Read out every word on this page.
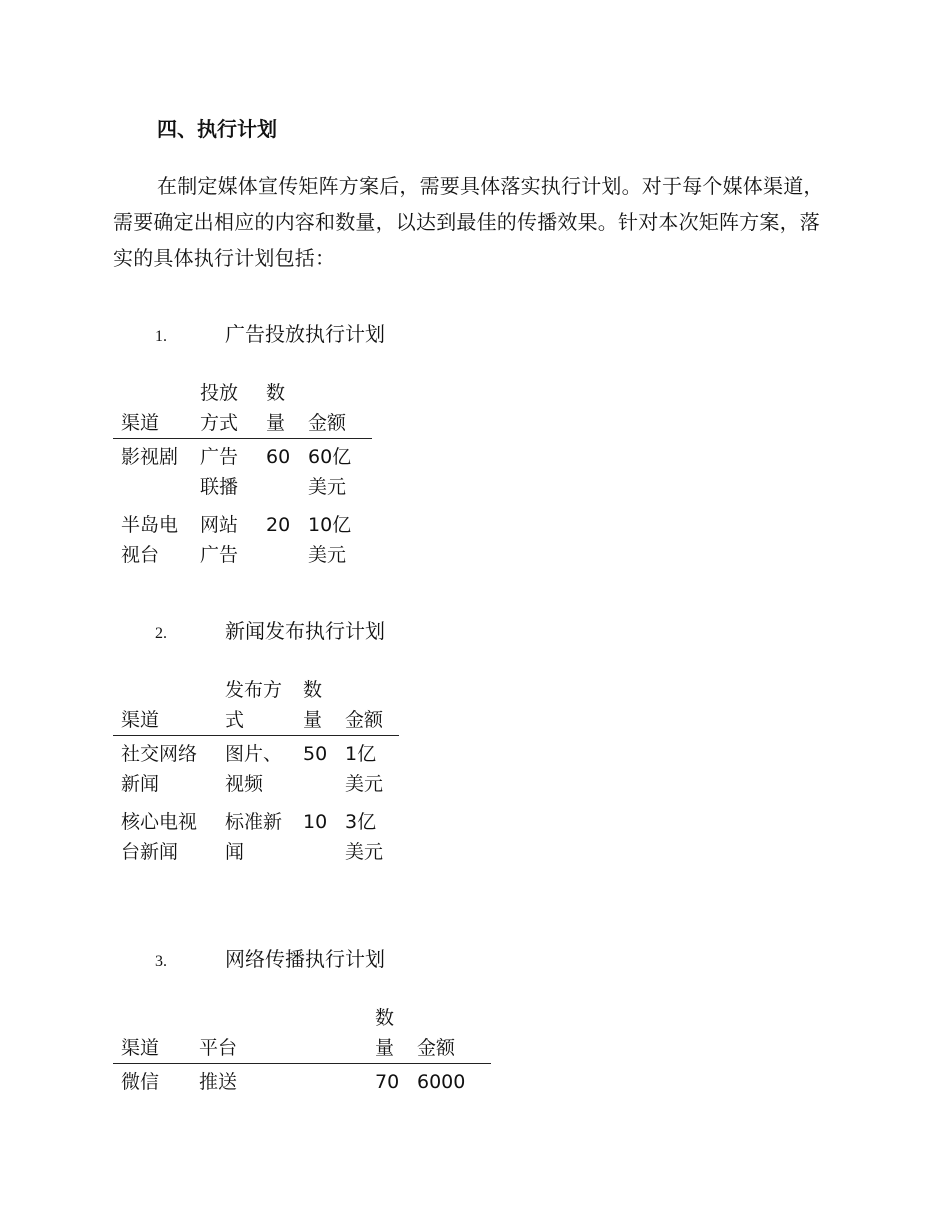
四、执行计划
在制定媒体宣传矩阵方案后，需要具体落实执行计划。对于每个媒体渠道，需要确定出相应的内容和数量，以达到最佳的传播效果。针对本次矩阵方案，落实的具体执行计划包括：
1.	广告投放执行计划
渠道	投放方式	数量	金额
影视剧	广告联播	60	60亿美元
半岛电视台	网站广告	20	10亿美元
2.	新闻发布执行计划
渠道	发布方式	数量	金额
社交网络新闻	图片、视频	50	1亿美元
核心电视台新闻	标准新闻	10	3亿美元
3.	网络传播执行计划
渠道	平台	数量	金额
微信	推送	70	6000
